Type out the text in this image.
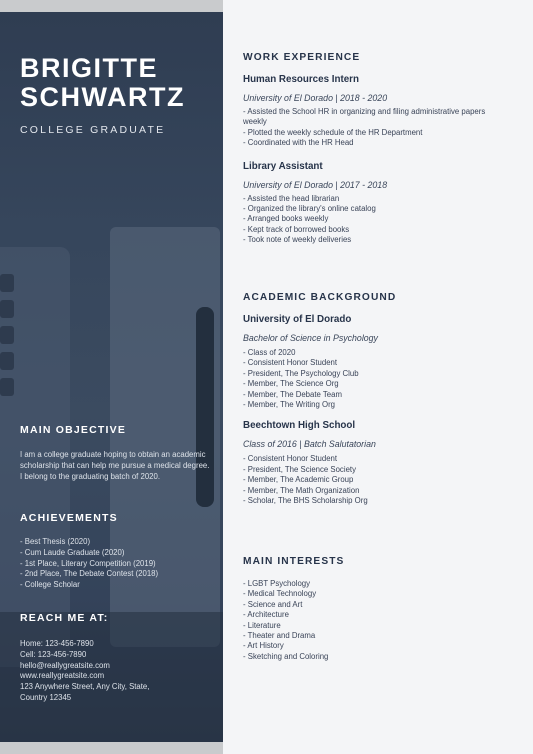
BRIGITTE
SCHWARTZ
COLLEGE GRADUATE
MAIN OBJECTIVE
I am a college graduate hoping to obtain an academic scholarship that can help me pursue a medical degree. I belong to the graduating batch of 2020.
ACHIEVEMENTS
- Best Thesis (2020)
- Cum Laude Graduate (2020)
- 1st Place, Literary Competition (2019)
- 2nd Place, The Debate Contest (2018)
- College Scholar
REACH ME AT:
Home: 123-456-7890
Cell: 123-456-7890
hello@reallygreatsite.com
www.reallygreatsite.com
123 Anywhere Street, Any City, State,
Country 12345
WORK EXPERIENCE
Human Resources Intern
University of El Dorado | 2018 - 2020
- Assisted the School HR in organizing and filing administrative papers
weekly
- Plotted the weekly schedule of the HR Department
- Coordinated with the HR Head
Library Assistant
University of El Dorado | 2017 - 2018
- Assisted the head librarian
- Organized the library's online catalog
- Arranged books weekly
- Kept track of borrowed books
- Took note of weekly deliveries
ACADEMIC BACKGROUND
University of El Dorado
Bachelor of Science in Psychology
- Class of 2020
- Consistent Honor Student
- President, The Psychology Club
- Member, The Science Org
- Member, The Debate Team
- Member, The Writing Org
Beechtown High School
Class of 2016 | Batch Salutatorian
- Consistent Honor Student
- President, The Science Society
- Member, The Academic Group
- Member, The Math Organization
- Scholar, The BHS Scholarship Org
MAIN INTERESTS
- LGBT Psychology
- Medical Technology
- Science and Art
- Architecture
- Literature
- Theater and Drama
- Art History
- Sketching and Coloring
